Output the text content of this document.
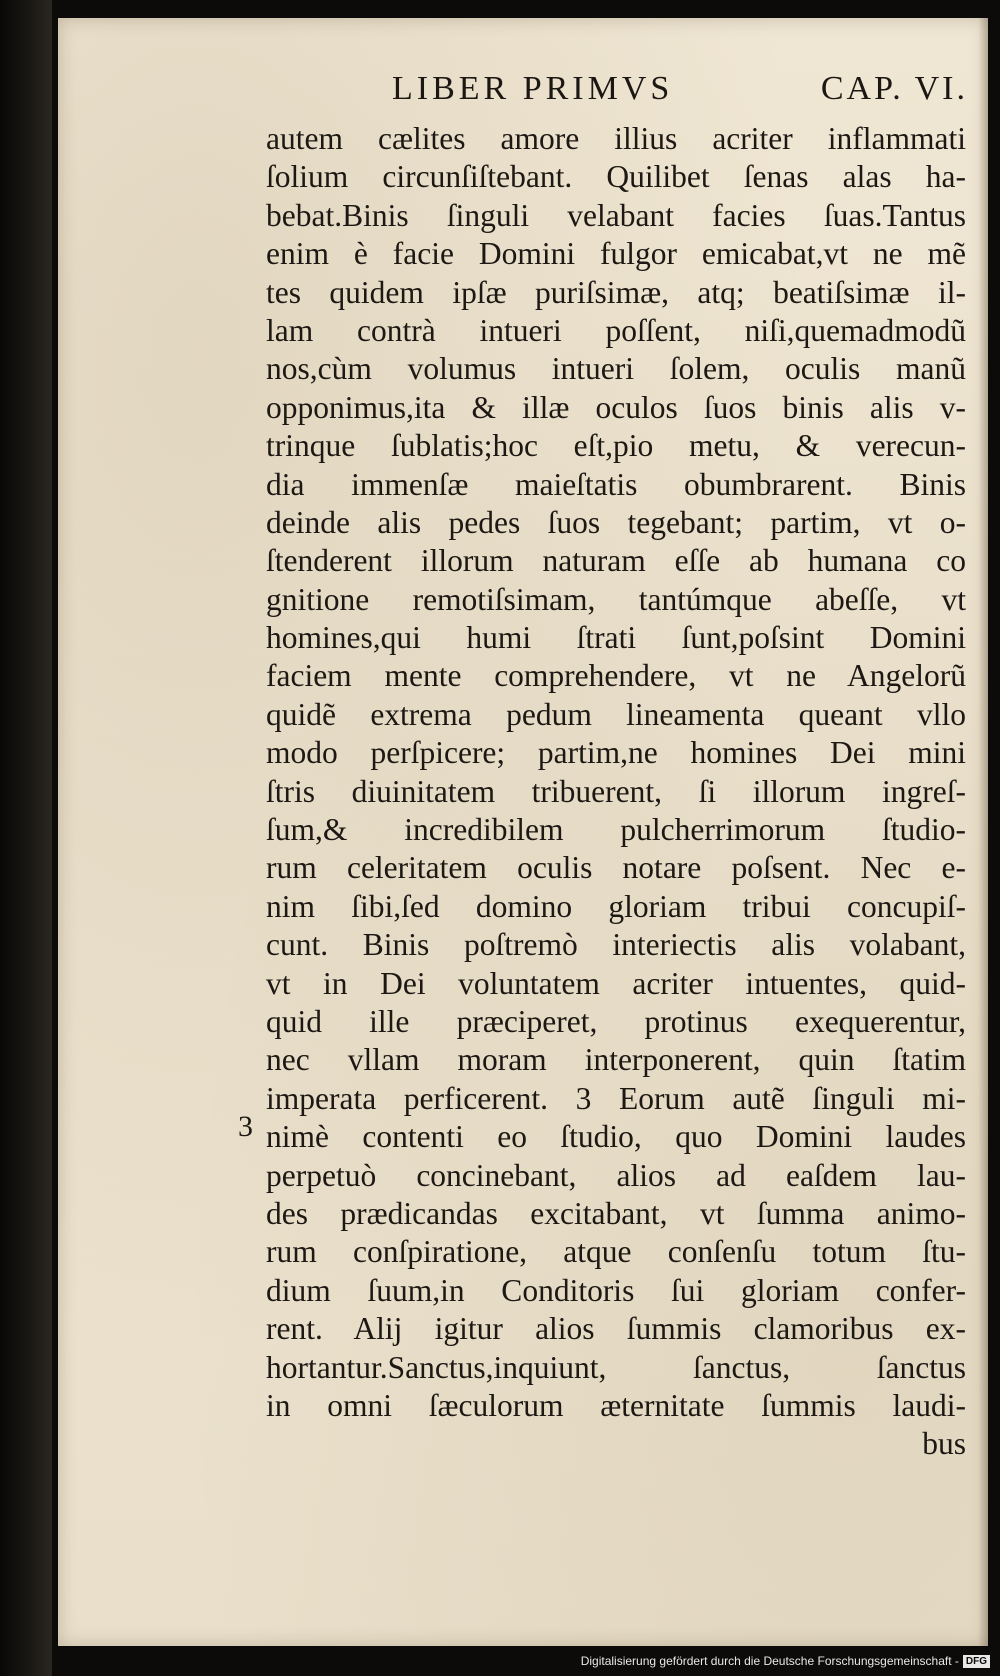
LIBER PRIMVS	CAP. VI.
3
autem cælites amore illius acriter inflammati
ſolium circunſiſtebant. Quilibet ſenas alas ha-
bebat.Binis ſinguli velabant facies ſuas.Tantus
enim è facie Domini fulgor emicabat,vt ne mẽ
tes quidem ipſæ puriſsimæ, atq; beatiſsimæ il-
lam contrà intueri poſſent, niſi,quemadmodũ
nos,cùm volumus intueri ſolem, oculis manũ
opponimus,ita & illæ oculos ſuos binis alis v-
trinque ſublatis;hoc eſt,pio metu, & verecun-
dia immenſæ maieſtatis obumbrarent. Binis
deinde alis pedes ſuos tegebant; partim, vt o-
ſtenderent illorum naturam eſſe ab humana co
gnitione remotiſsimam, tantúmque abeſſe, vt
homines,qui humi ſtrati ſunt,poſsint Domini
faciem mente comprehendere, vt ne Angelorũ
quidẽ extrema pedum lineamenta queant vllo
modo perſpicere; partim,ne homines Dei mini
ſtris diuinitatem tribuerent, ſi illorum ingreſ-
ſum,& incredibilem pulcherrimorum ſtudio-
rum celeritatem oculis notare poſsent. Nec e-
nim ſibi,ſed domino gloriam tribui concupiſ-
cunt. Binis poſtremò interiectis alis volabant,
vt in Dei voluntatem acriter intuentes, quid-
quid ille præciperet, protinus exequerentur,
nec vllam moram interponerent, quin ſtatim
imperata perficerent. 3 Eorum autẽ ſinguli mi-
nimè contenti eo ſtudio, quo Domini laudes
perpetuò concinebant, alios ad eaſdem lau-
des prædicandas excitabant, vt ſumma animo-
rum conſpiratione, atque conſenſu totum ſtu-
dium ſuum,in Conditoris ſui gloriam confer-
rent. Alij igitur alios ſummis clamoribus ex-
hortantur.Sanctus,inquiunt, ſanctus, ſanctus
in omni ſæculorum æternitate ſummis laudi-
bus
Digitalisierung gefördert durch die Deutsche Forschungsgemeinschaft - DFG
